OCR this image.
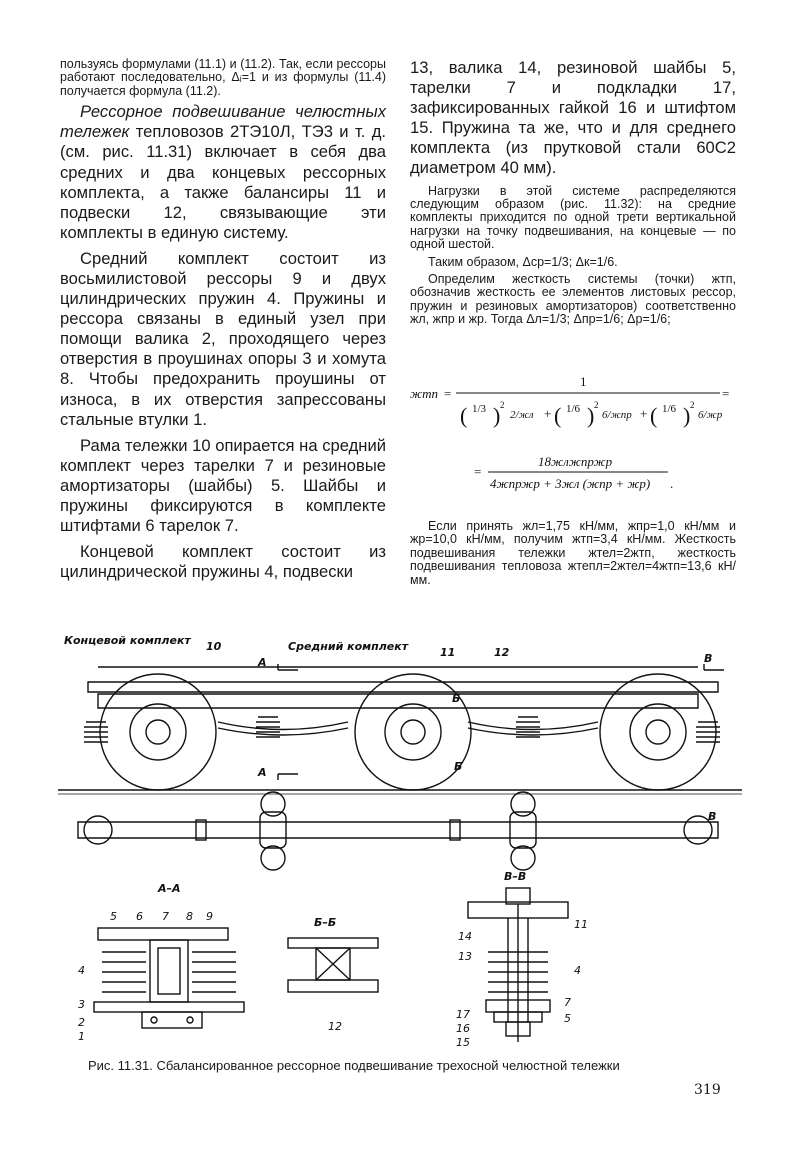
пользуясь формулами (11.1) и (11.2). Так, если рессоры работают последовательно, Δᵢ=1 и из формулы (11.4) получается формула (11.2).

Рессорное подвешивание челюстных тележек тепловозов 2ТЭ10Л, ТЭ3 и т. д. (см. рис. 11.31) включает в себя два средних и два концевых рессорных комплекта, а также балансиры 11 и подвески 12, связывающие эти комплекты в единую систему.

Средний комплект состоит из восьмилистовой рессоры 9 и двух цилиндрических пружин 4. Пружины и рессора связаны в единый узел при помощи валика 2, проходящего через отверстия в проушинах опоры 3 и хомута 8. Чтобы предохранить проушины от износа, в их отверстия запрессованы стальные втулки 1.

Рама тележки 10 опирается на средний комплект через тарелки 7 и резиновые амортизаторы (шайбы) 5. Шайбы и пружины фиксируются в комплекте штифтами 6 тарелок 7.

Концевой комплект состоит из цилиндрической пружины 4, подвески

13, валика 14, резиновой шайбы 5, тарелки 7 и подкладки 17, зафиксированных гайкой 16 и штифтом 15. Пружина та же, что и для среднего комплекта (из прутковой стали 60С2 диаметром 40 мм).

Нагрузки в этой системе распределяются следующим образом (рис. 11.32): на средние комплекты приходится по одной трети вертикальной нагрузки на точку подвешивания, на концевые — по одной шестой.

Таким образом, Δср=1/3; Δк=1/6.

Определим жесткость системы (точки) жтп, обозначив жесткость ее элементов листовых рессор, пружин и резиновых амортизаторов) соответственно жл, жпр и жр. Тогда Δл=1/3; Δпр=1/6; Δр=1/6;

жтп =
1
=
( 1/3 ) 2
2/жл + ( 1/6 ) 2
6/жпр + ( 1/6 ) 2
6/жр
=
18жлжпржр
4жпржр + 3жл (жпр + жр) .

Если принять жл=1,75 кН/мм, жпр=1,0 кН/мм и жр=10,0 кН/мм, получим жтп=3,4 кН/мм. Жесткость подвешивания тележки жтел=2жтп, жесткость подвешивания тепловоза жтепл=2жтел=4жтп=13,6 кН/мм.

Концевой комплект	Средний комплект
10	11	12
А
А
Б
Б
В
В
А–А
Б–Б
В–В
5 6 7 8 9
4
3
2
1
12
14
13
11
4
7
5
17
16
15
Рис. 11.31. Сбалансированное рессорное подвешивание трехосной челюстной тележки
319
